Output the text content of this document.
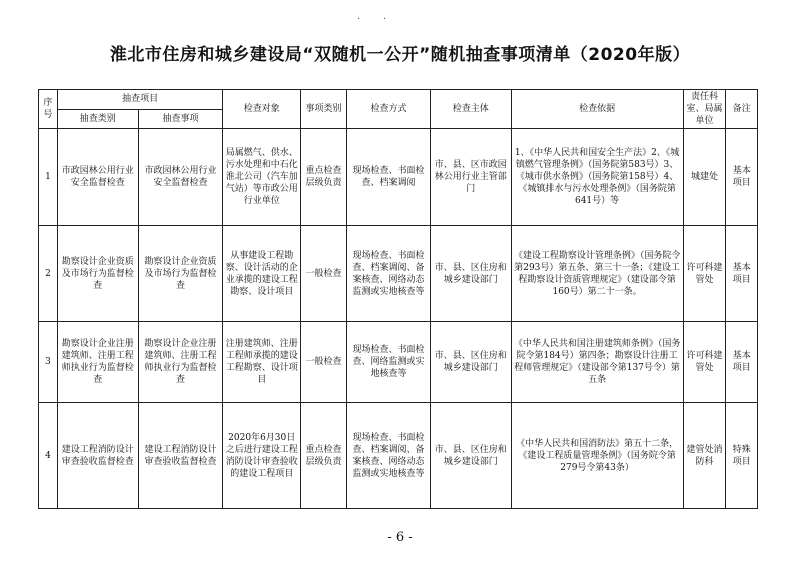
· ·
淮北市住房和城乡建设局“双随机一公开”随机抽查事项清单（2020年版）
序号	抽查项目		检查对象	事项类别	检查方式	检查主体	检查依据	责任科室、局属单位	备注
	抽查类别	抽查事项							
1	市政园林公用行业安全监督检查	市政园林公用行业安全监督检查	局属燃气、供水、污水处理和中石化淮北公司（汽车加气站）等市政公用行业单位	重点检查层级负责	现场检查、书面检查、档案调阅	市、县、区市政园林公用行业主管部门	1、《中华人民共和国安全生产法》2、《城镇燃气管理条例》（国务院第583号）3、《城市供水条例》（国务院第158号）4、《城镇排水与污水处理条例》（国务院第641号）等	城建处	基本项目
2	勘察设计企业资质及市场行为监督检查	勘察设计企业资质及市场行为监督检查	从事建设工程勘察、设计活动的企业承揽的建设工程勘察、设计项目	一般检查	现场检查、书面检查、档案调阅、备案核查、网络动态监测或实地核查等	市、县、区住房和城乡建设部门	《建设工程勘察设计管理条例》（国务院令第293号）第五条、第三十一条；《建设工程勘察设计资质管理规定》（建设部令第160号）第二十一条。	许可科建管处	基本项目
3	勘察设计企业注册建筑师、注册工程师执业行为监督检查	勘察设计企业注册建筑师、注册工程师执业行为监督检查	注册建筑师、注册工程师承揽的建设工程勘察、设计项目	一般检查	现场检查、书面检查、网络监测或实地核查等	市、县、区住房和城乡建设部门	《中华人民共和国注册建筑师条例》（国务院令第184号）第四条；勘察设计注册工程师管理规定》（建设部令第137号令）第五条	许可科建管处	基本项目
4	建设工程消防设计审查验收监督检查	建设工程消防设计审查验收监督检查	2020年6月30日之后进行建设工程消防设计审查验收的建设工程项目	重点检查层级负责	现场检查、书面检查、档案调阅、备案核查、网络动态监测或实地核查等	市、县、区住房和城乡建设部门	《中华人民共和国消防法》第五十二条，《建设工程质量管理条例》（国务院令第279号令第43条）	建管处消防科	特殊项目
- 6 -
